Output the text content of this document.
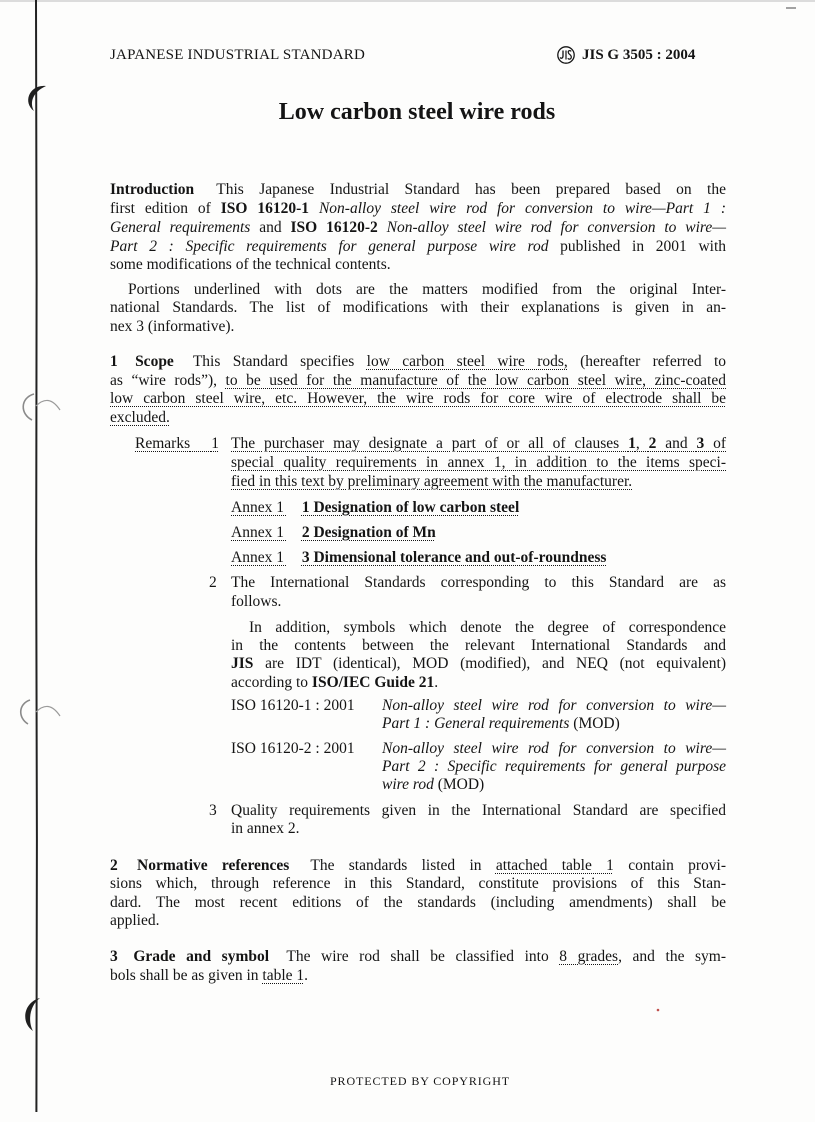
JAPANESE INDUSTRIAL STANDARD	JIS G 3505 : 2004
Low carbon steel wire rods
Introduction This Japanese Industrial Standard has been prepared based on the
first edition of ISO 16120-1 Non-alloy steel wire rod for conversion to wire—Part 1 :
General requirements and ISO 16120-2 Non-alloy steel wire rod for conversion to wire—
Part 2 : Specific requirements for general purpose wire rod published in 2001 with
some modifications of the technical contents.
Portions underlined with dots are the matters modified from the original Inter-
national Standards. The list of modifications with their explanations is given in an-
nex 3 (informative).
1 Scope This Standard specifies low carbon steel wire rods, (hereafter referred to
as “wire rods”), to be used for the manufacture of the low carbon steel wire, zinc-coated
low carbon steel wire, etc. However, the wire rods for core wire of electrode shall be
excluded.
Remarks 1 The purchaser may designate a part of or all of clauses 1, 2 and 3 of
special quality requirements in annex 1, in addition to the items speci-
fied in this text by preliminary agreement with the manufacturer.
Annex 1 1 Designation of low carbon steel
Annex 1 2 Designation of Mn
Annex 1 3 Dimensional tolerance and out-of-roundness
2 The International Standards corresponding to this Standard are as
follows.
In addition, symbols which denote the degree of correspondence
in the contents between the relevant International Standards and
JIS are IDT (identical), MOD (modified), and NEQ (not equivalent)
according to ISO/IEC Guide 21.
ISO 16120-1 : 2001 Non-alloy steel wire rod for conversion to wire—
Part 1 : General requirements (MOD)
ISO 16120-2 : 2001 Non-alloy steel wire rod for conversion to wire—
Part 2 : Specific requirements for general purpose
wire rod (MOD)
3 Quality requirements given in the International Standard are specified
in annex 2.
2 Normative references The standards listed in attached table 1 contain provi-
sions which, through reference in this Standard, constitute provisions of this Stan-
dard. The most recent editions of the standards (including amendments) shall be
applied.
3 Grade and symbol The wire rod shall be classified into 8 grades, and the sym-
bols shall be as given in table 1.
PROTECTED BY COPYRIGHT
